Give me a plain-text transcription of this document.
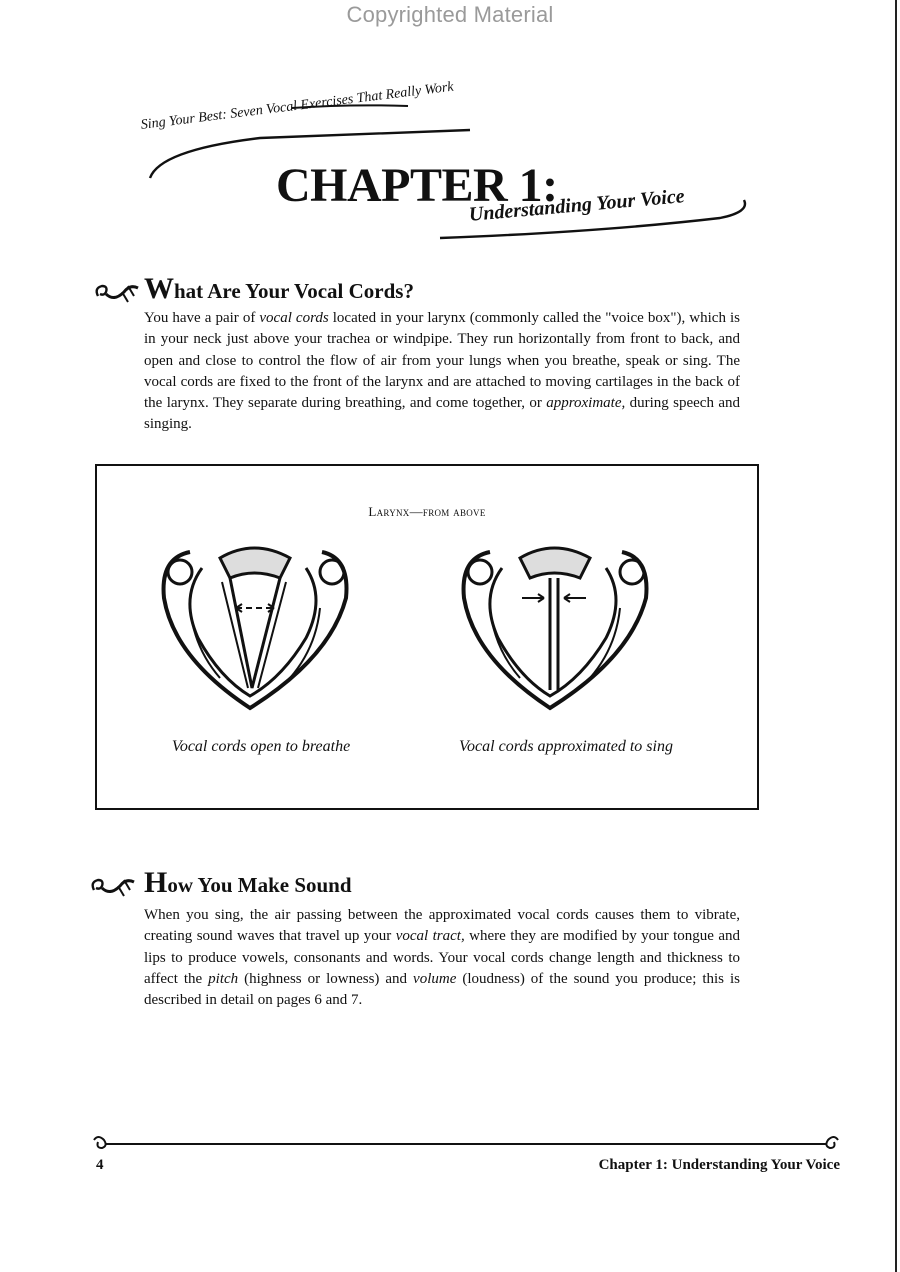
Copyrighted Material
Sing Your Best: Seven Vocal Exercises That Really Work
CHAPTER 1:
Understanding Your Voice
What Are Your Vocal Cords?
You have a pair of vocal cords located in your larynx (commonly called the "voice box"), which is in your neck just above your trachea or windpipe. They run horizontally from front to back, and open and close to control the flow of air from your lungs when you breathe, speak or sing. The vocal cords are fixed to the front of the larynx and are attached to moving cartilages in the back of the larynx. They separate during breathing, and come together, or approximate, during speech and singing.
Larynx—from above
Vocal cords open to breathe	Vocal cords approximated to sing
How You Make Sound
When you sing, the air passing between the approximated vocal cords causes them to vibrate, creating sound waves that travel up your vocal tract, where they are modified by your tongue and lips to produce vowels, consonants and words. Your vocal cords change length and thickness to affect the pitch (highness or lowness) and volume (loudness) of the sound you produce; this is described in detail on pages 6 and 7.
4	Chapter 1: Understanding Your Voice
